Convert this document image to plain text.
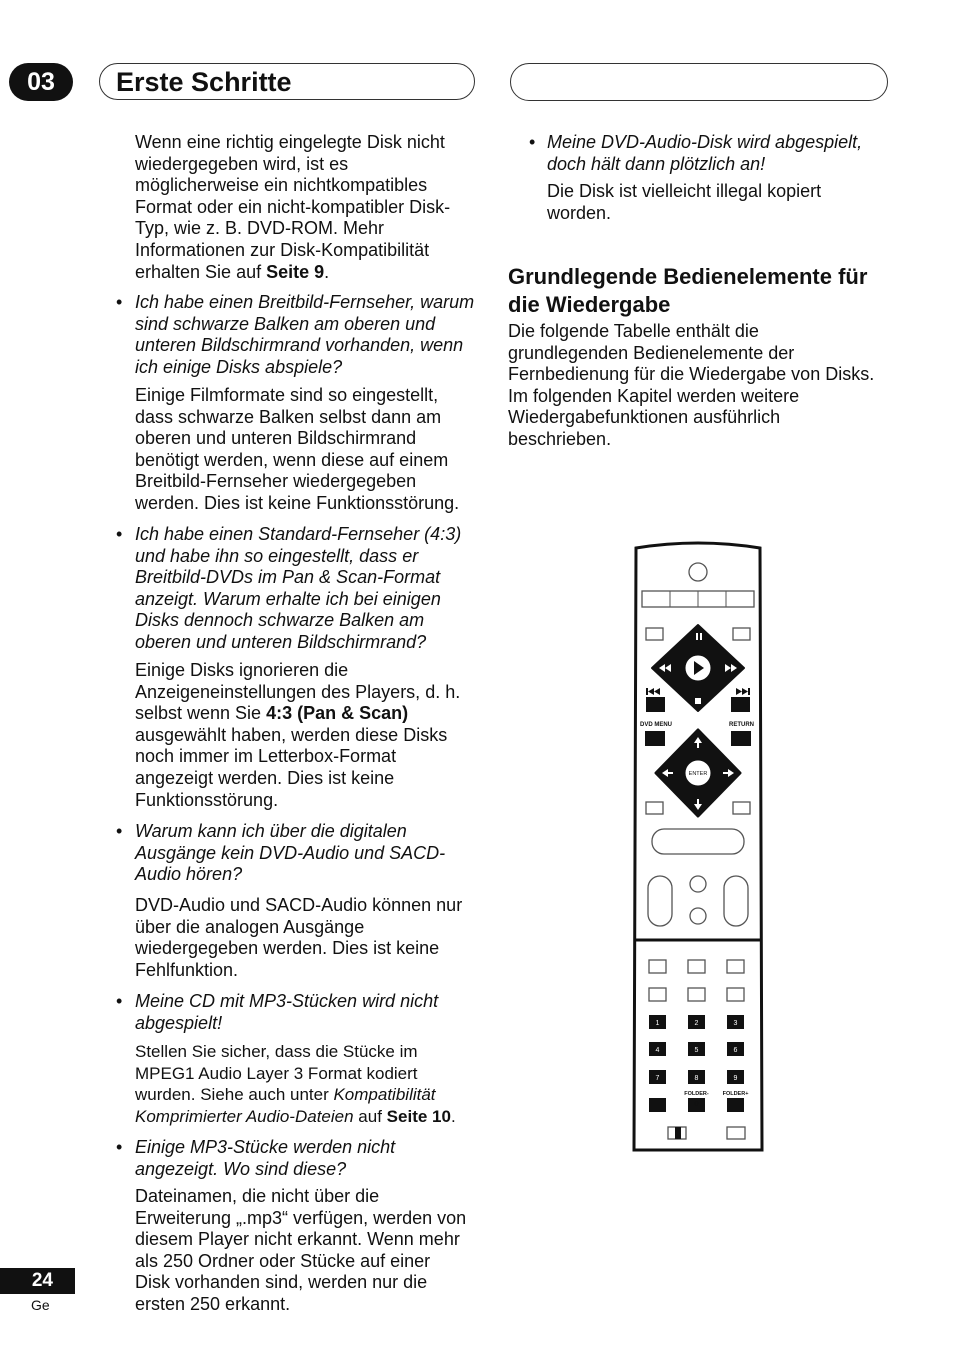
03	Erste Schritte

Wenn eine richtig eingelegte Disk nicht wiedergegeben wird, ist es möglicherweise ein nichtkompatibles Format oder ein nicht-kompatibler Disk-Typ, wie z. B. DVD-ROM. Mehr Informationen zur Disk-Kompatibilität erhalten Sie auf Seite 9.

• Ich habe einen Breitbild-Fernseher, warum sind schwarze Balken am oberen und unteren Bildschirmrand vorhanden, wenn ich einige Disks abspiele?

Einige Filmformate sind so eingestellt, dass schwarze Balken selbst dann am oberen und unteren Bildschirmrand benötigt werden, wenn diese auf einem Breitbild-Fernseher wiedergegeben werden. Dies ist keine Funktionsstörung.

• Ich habe einen Standard-Fernseher (4:3) und habe ihn so eingestellt, dass er Breitbild-DVDs im Pan & Scan-Format anzeigt. Warum erhalte ich bei einigen Disks dennoch schwarze Balken am oberen und unteren Bildschirmrand?

Einige Disks ignorieren die Anzeigeneinstellungen des Players, d. h. selbst wenn Sie 4:3 (Pan & Scan) ausgewählt haben, werden diese Disks noch immer im Letterbox-Format angezeigt werden. Dies ist keine Funktionsstörung.

• Warum kann ich über die digitalen Ausgänge kein DVD-Audio und SACD-Audio hören?

DVD-Audio und SACD-Audio können nur über die analogen Ausgänge wiedergegeben werden. Dies ist keine Fehlfunktion.

• Meine CD mit MP3-Stücken wird nicht abgespielt!

Stellen Sie sicher, dass die Stücke im MPEG1 Audio Layer 3 Format kodiert wurden. Siehe auch unter Kompatibilität Komprimierter Audio-Dateien auf Seite 10.

• Einige MP3-Stücke werden nicht angezeigt. Wo sind diese?

Dateinamen, die nicht über die Erweiterung „.mp3“ verfügen, werden von diesem Player nicht erkannt. Wenn mehr als 250 Ordner oder Stücke auf einer Disk vorhanden sind, werden nur die ersten 250 erkannt.

• Meine DVD-Audio-Disk wird abgespielt, doch hält dann plötzlich an!

Die Disk ist vielleicht illegal kopiert worden.

Grundlegende Bedienelemente für die Wiedergabe

Die folgende Tabelle enthält die grundlegenden Bedienelemente der Fernbedienung für die Wiedergabe von Disks. Im folgenden Kapitel werden weitere Wiedergabefunktionen ausführlich beschrieben.

DVD MENU	RETURN
ENTER
1	2	3
4	5	6
7	8	9
FOLDER-	FOLDER+
0
24
Ge
